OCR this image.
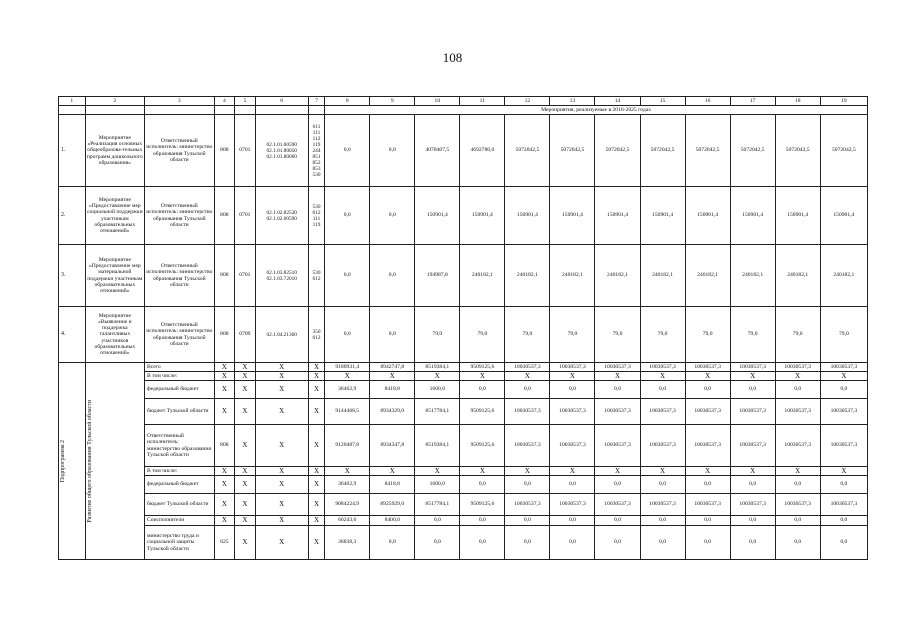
108
1	2	3	4	5	6	7	8	9	10	11	12	13	14	15	16	17	18	19
							Мероприятия, реализуемые в 2016-2025 годах											
1.	Мероприятие «Реализация основных общеобразова-тельных программ дошкольного образования»	Ответственный исполнитель: министерство образования Тульской области	808	0701	02.1.01.00590 02.1.01.80050 02.1.01.80060	611 111 112 119 244 851 852 853 530	0,0	0,0	4078407,5	4692786,0	5072042,5	5072042,5	5072042,5	5072042,5	5072042,5	5072042,5	5072042,5	5072042,5
2.	Мероприятие «Предоставление мер социальной поддержки участникам образовательных отношений»	Ответственный исполнитель: министерство образования Тульской области	808	0701	02.1.02.82530 02.1.02.00590	530 612 111 119	0,0	0,0	150901,4	150901,4	150901,4	150901,4	150901,4	150901,4	150901,4	150901,4	150901,4	150901,4
3.	Мероприятие «Предоставление мер материальной поддержки участникам образовательных отношений»	Ответственный исполнитель: министерство образования Тульской области	808	0701	02.1.03.82510 02.1.03.72010	530 612	0,0	0,0	194987,8	240182,1	240182,1	240182,1	240182,1	240182,1	240182,1	240182,1	240182,1	240182,1
4.	Мероприятие «Выявление и поддержка талантливых участников образовательных отношений»	Ответственный исполнитель: министерство образования Тульской области	808	0709	02.1.04.21360	350 612	0,0	0,0	79,0	79,0	79,0	79,0	79,0	79,0	79,0	79,0	79,0	79,0

Подпрограмма 2	Развитие общего образования Тульской области	Всего	Х	Х	Х	Х	9180931,4	8942747,8	8519384,1	9509125,6	10030537,3	10030537,3	10030537,3	10030537,3	10030537,3	10030537,3	10030537,3	10030537,3
		В том числе:	Х	Х	Х	Х	Х	Х	Х	Х	Х	Х	Х	Х	Х	Х	Х	Х
		федеральный бюджет	Х	Х	Х	Х	36462,9	8418,8	1600,0	0,0	0,0	0,0	0,0	0,0	0,0	0,0	0,0	0,0
		бюджет Тульской области	Х	Х	Х	Х	9144468,5	8934329,0	8517784,1	9509125,6	10030537,3	10030537,3	10030537,3	10030537,3	10030537,3	10030537,3	10030537,3	10030537,3
		Ответственный исполнитель: министерство образования Тульской области	808	Х	Х	Х	9120487,8	8934347,8	8519384,1	9509125,6	10030537,3	10030537,3	10030537,3	10030537,3	10030537,3	10030537,3	10030537,3	10030537,3
		В том числе:	Х	Х	Х	Х	Х	Х	Х	Х	Х	Х	Х	Х	Х	Х	Х	Х
		федеральный бюджет	Х	Х	Х	Х	36462,9	8418,8	1600,0	0,0	0,0	0,0	0,0	0,0	0,0	0,0	0,0	0,0
		бюджет Тульской области	Х	Х	Х	Х	9084224,9	8925929,0	8517784,1	9509125,6	10030537,3	10030537,3	10030537,3	10030537,3	10030537,3	10030537,3	10030537,3	10030537,3
		Соисполнители	Х	Х	Х	Х	60243,6	8400,0	0,0	0,0	0,0	0,0	0,0	0,0	0,0	0,0	0,0	0,0
		министерство труда и социальной защиты Тульской области	825	Х	Х	Х	36838,3	0,0	0,0	0,0	0,0	0,0	0,0	0,0	0,0	0,0	0,0	0,0
